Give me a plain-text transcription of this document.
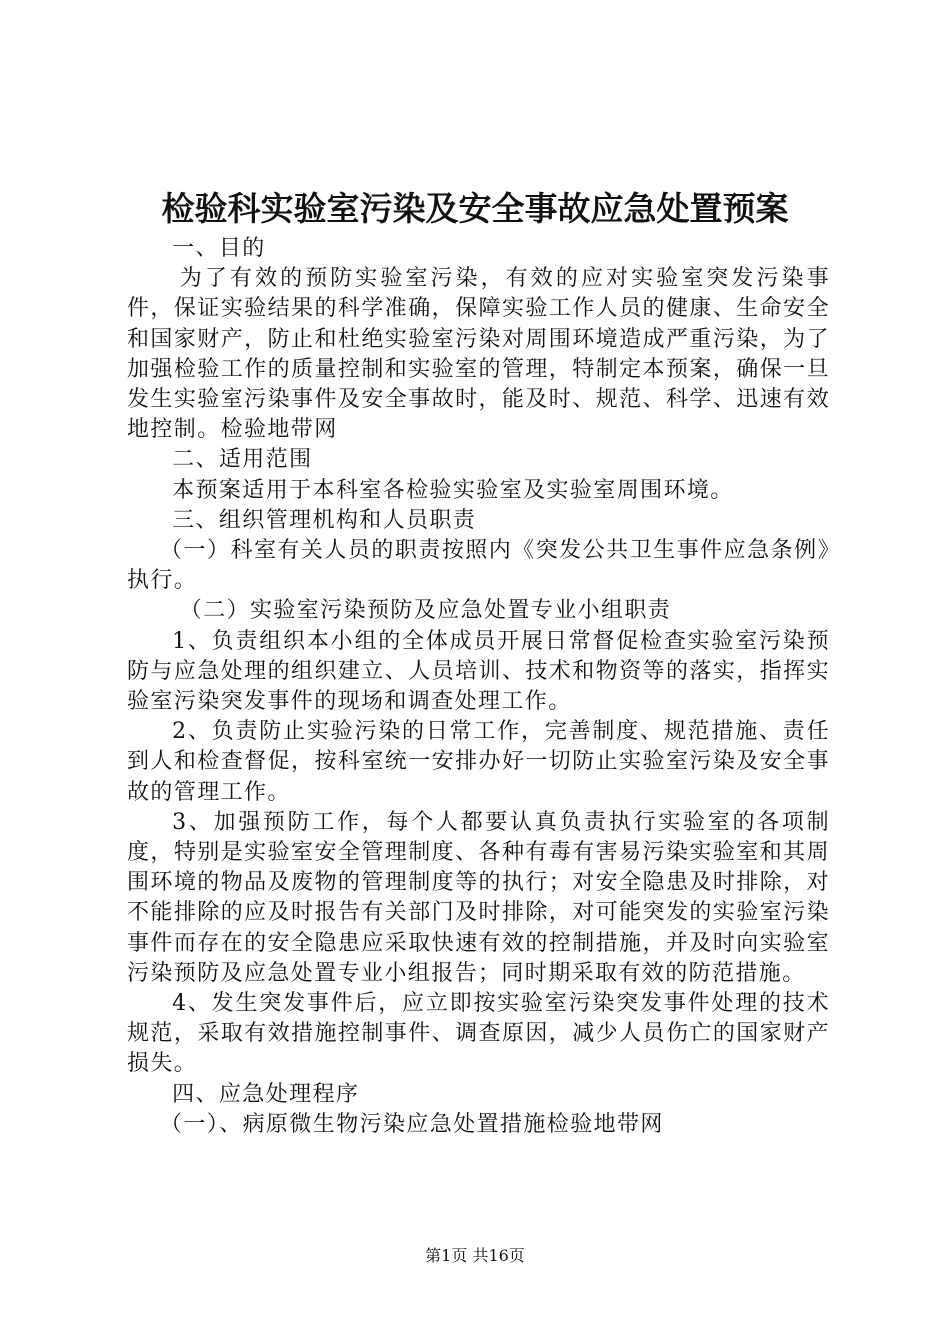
检验科实验室污染及安全事故应急处置预案

一、目的

为了有效的预防实验室污染，有效的应对实验室突发污染事件，保证实验结果的科学准确，保障实验工作人员的健康、生命安全和国家财产，防止和杜绝实验室污染对周围环境造成严重污染，为了加强检验工作的质量控制和实验室的管理，特制定本预案，确保一旦发生实验室污染事件及安全事故时，能及时、规范、科学、迅速有效地控制。检验地带网

二、适用范围

本预案适用于本科室各检验实验室及实验室周围环境。

三、组织管理机构和人员职责

（一）科室有关人员的职责按照内《突发公共卫生事件应急条例》执行。

（二）实验室污染预防及应急处置专业小组职责

1、负责组织本小组的全体成员开展日常督促检查实验室污染预防与应急处理的组织建立、人员培训、技术和物资等的落实，指挥实验室污染突发事件的现场和调查处理工作。

2、负责防止实验污染的日常工作，完善制度、规范措施、责任到人和检查督促，按科室统一安排办好一切防止实验室污染及安全事故的管理工作。

3、加强预防工作，每个人都要认真负责执行实验室的各项制度，特别是实验室安全管理制度、各种有毒有害易污染实验室和其周围环境的物品及废物的管理制度等的执行；对安全隐患及时排除，对不能排除的应及时报告有关部门及时排除，对可能突发的实验室污染事件而存在的安全隐患应采取快速有效的控制措施，并及时向实验室污染预防及应急处置专业小组报告；同时期采取有效的防范措施。

4、发生突发事件后，应立即按实验室污染突发事件处理的技术规范，采取有效措施控制事件、调查原因，减少人员伤亡的国家财产损失。

四、应急处理程序

（一）、病原微生物污染应急处置措施检验地带网

第1页 共16页
